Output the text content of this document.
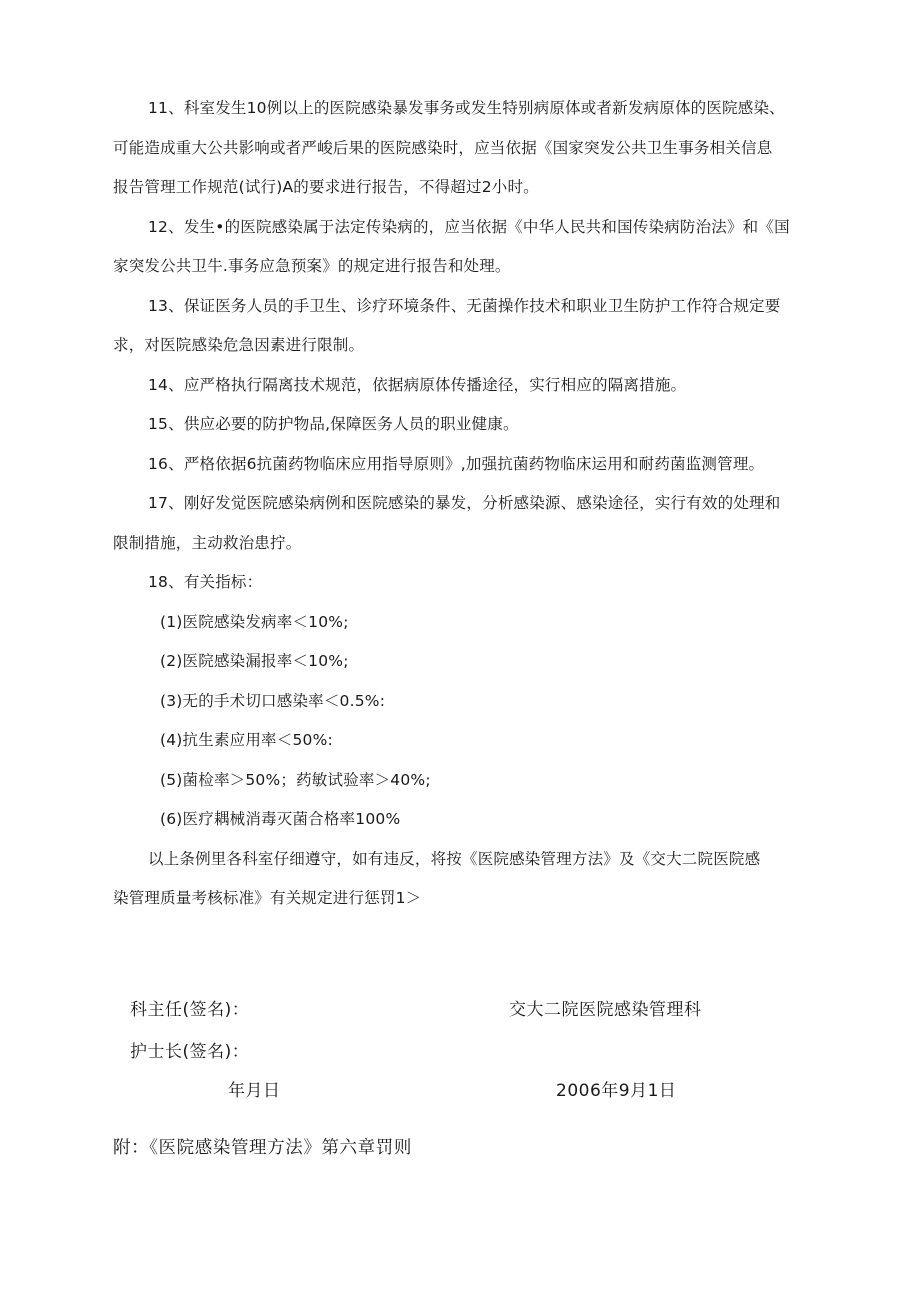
11、科室发生10例以上的医院感染暴发事务或发生特别病原体或者新发病原体的医院感染、
可能造成重大公共影响或者严峻后果的医院感染时，应当依据《国家突发公共卫生事务相关信息
报告管理工作规范(试行)A的要求进行报告，不得超过2小时。
12、发生•的医院感染属于法定传染病的，应当依据《中华人民共和国传染病防治法》和《国
家突发公共卫牛.事务应急预案》的规定进行报告和处理。
13、保证医务人员的手卫生、诊疗环境条件、无菌操作技术和职业卫生防护工作符合规定要
求，对医院感染危急因素进行限制。
14、应严格执行隔离技术规范，依据病原体传播途径，实行相应的隔离措施。
15、供应必要的防护物品,保障医务人员的职业健康。
16、严格依据6抗菌药物临床应用指导原则》,加强抗菌药物临床运用和耐药菌监测管理。
17、刚好发觉医院感染病例和医院感染的暴发，分析感染源、感染途径，实行有效的处理和
限制措施，主动救治患拧。
18、有关指标：
(1)医院感染发病率＜10%;
(2)医院感染漏报率＜10%;
(3)无的手术切口感染率＜0.5%:
(4)抗生素应用率＜50%:
(5)菌检率＞50%；药敏试验率＞40%;
(6)医疗耦械消毒灭菌合格率100%
以上条例里各科室仔细遵守，如有违反，将按《医院感染管理方法》及《交大二院医院感
染管理质量考核标准》有关规定进行惩罚1＞
科主任(签名)：	交大二院医院感染管理科
护士长(签名)：
年月日	2006年9月1日
附：《医院感染管理方法》第六章罚则
